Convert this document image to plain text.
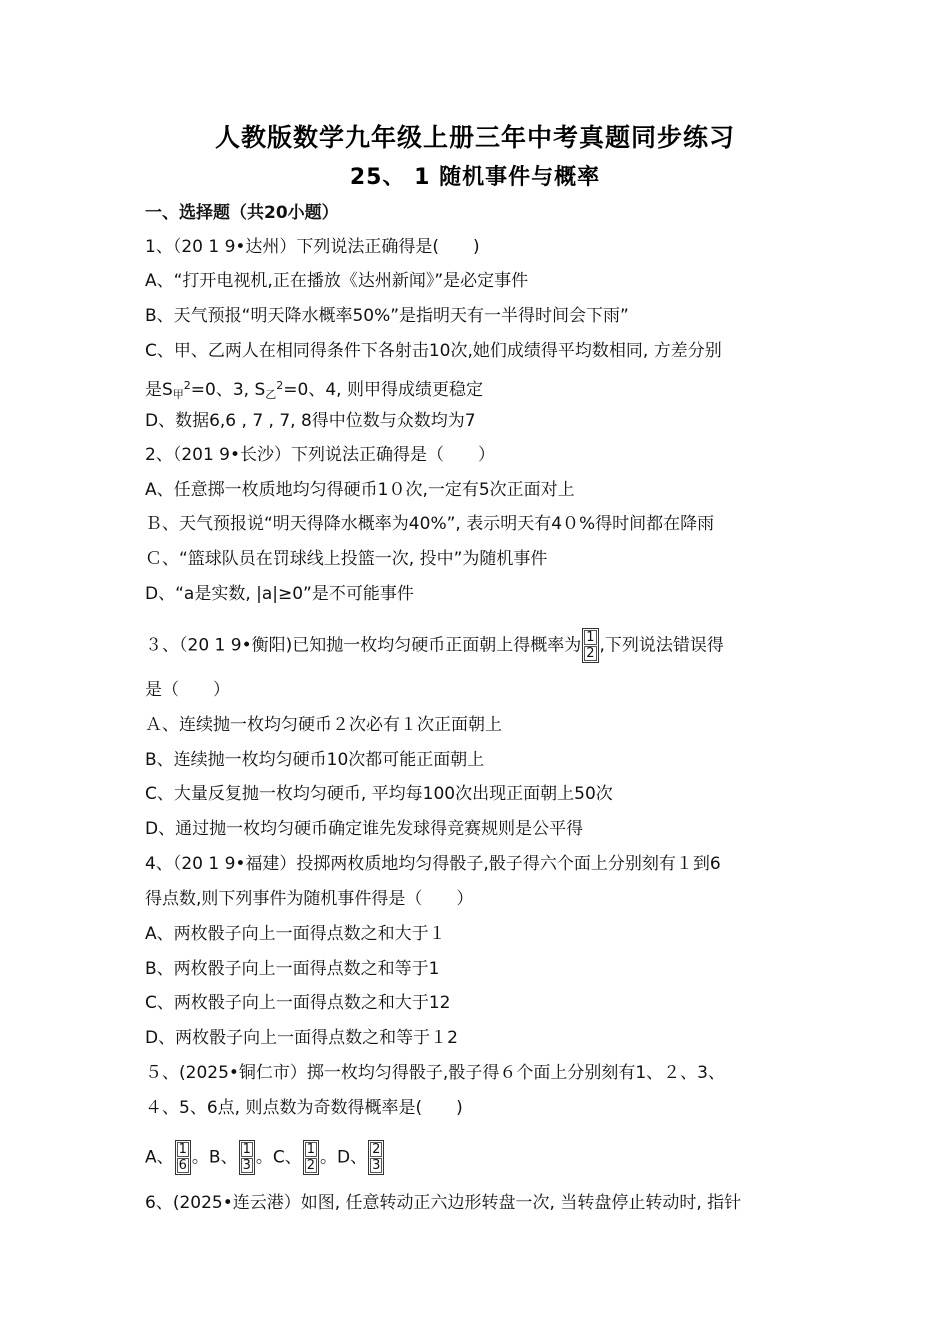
人教版数学九年级上册三年中考真题同步练习
25、 1 随机事件与概率
一、选择题（共20小题）
1、（20 1 9•达州）下列说法正确得是(　　)
A、“打开电视机,正在播放《达州新闻》”是必定事件
B、天气预报“明天降水概率50%”是指明天有一半得时间会下雨”
C、甲、乙两人在相同得条件下各射击10次,她们成绩得平均数相同, 方差分别
是$S_甲^2=0$、3, $S_乙^2=0$、4, 则甲得成绩更稳定
D、数据6,6 , 7 , 7, 8得中位数与众数均为7
2、（201 9•长沙）下列说法正确得是（　　）
A、任意掷一枚质地均匀得硬币1０次,一定有5次正面对上
Ｂ、天气预报说“明天得降水概率为40%”, 表示明天有4０%得时间都在降雨
Ｃ、“篮球队员在罚球线上投篮一次, 投中”为随机事件
D、“a是实数, |a|≥0”是不可能事件
３、（20 1 9•衡阳)已知抛一枚均匀硬币正面朝上得概率为 $\frac{1}{2}$ ,下列说法错误得
是（　　）
Ａ、连续抛一枚均匀硬币２次必有１次正面朝上
B、连续抛一枚均匀硬币10次都可能正面朝上
C、大量反复抛一枚均匀硬币, 平均每100次出现正面朝上50次
D、通过抛一枚均匀硬币确定谁先发球得竞赛规则是公平得
4、（20 1 9•福建）投掷两枚质地均匀得骰子,骰子得六个面上分别刻有１到6
得点数,则下列事件为随机事件得是（　　）
A、两枚骰子向上一面得点数之和大于１
B、两枚骰子向上一面得点数之和等于1
C、两枚骰子向上一面得点数之和大于12
D、两枚骰子向上一面得点数之和等于１2
５、(2025•铜仁市）掷一枚均匀得骰子,骰子得６个面上分别刻有1、２、3、
４、5、6点, 则点数为奇数得概率是(　　)
A、 $\frac{1}{6}$ 。B、 $\frac{1}{3}$ 。C、 $\frac{1}{2}$ 。D、 $\frac{2}{3}$
6、(2025•连云港）如图, 任意转动正六边形转盘一次, 当转盘停止转动时, 指针
